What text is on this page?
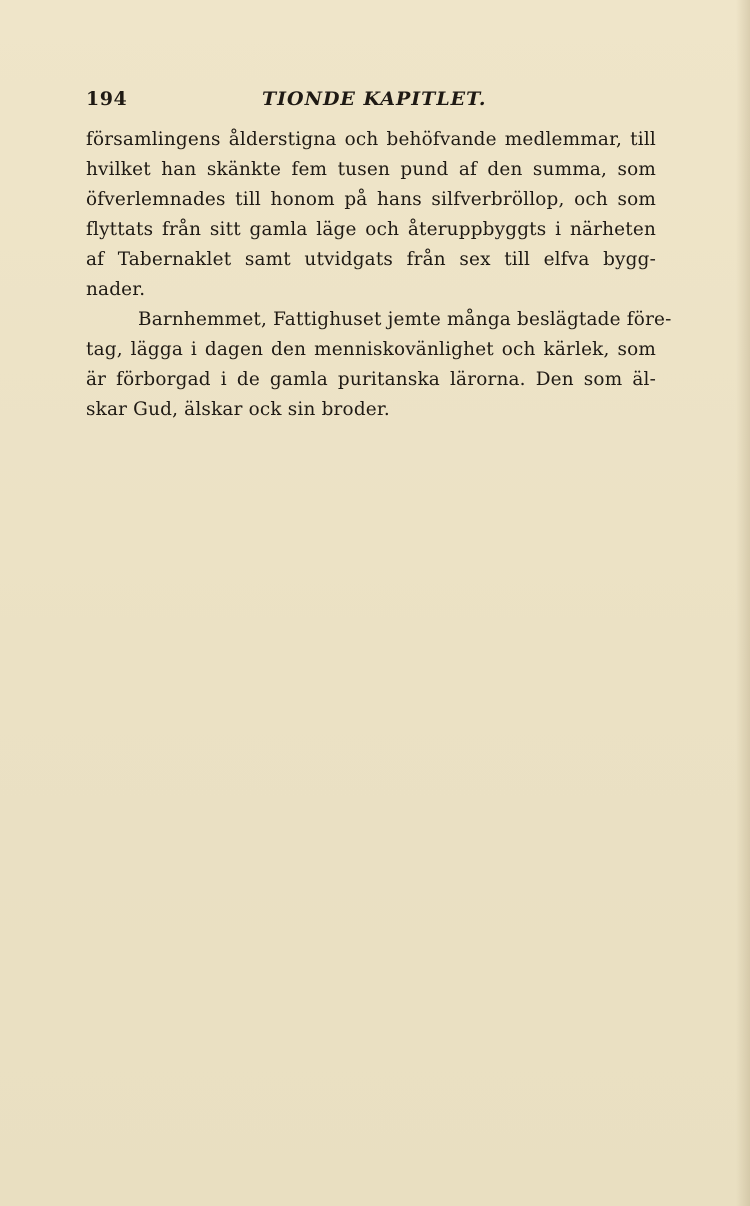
194	TIONDE KAPITLET.
församlingens ålderstigna och behöfvande medlemmar, till
hvilket han skänkte fem tusen pund af den summa, som
öfverlemnades till honom på hans silfverbröllop, och som
flyttats från sitt gamla läge och återuppbyggts i närheten
af Tabernaklet samt utvidgats från sex till elfva bygg-
nader.
Barnhemmet, Fattighuset jemte många beslägtade före-
tag, lägga i dagen den menniskovänlighet och kärlek, som
är förborgad i de gamla puritanska lärorna. Den som äl-
skar Gud, älskar ock sin broder.
